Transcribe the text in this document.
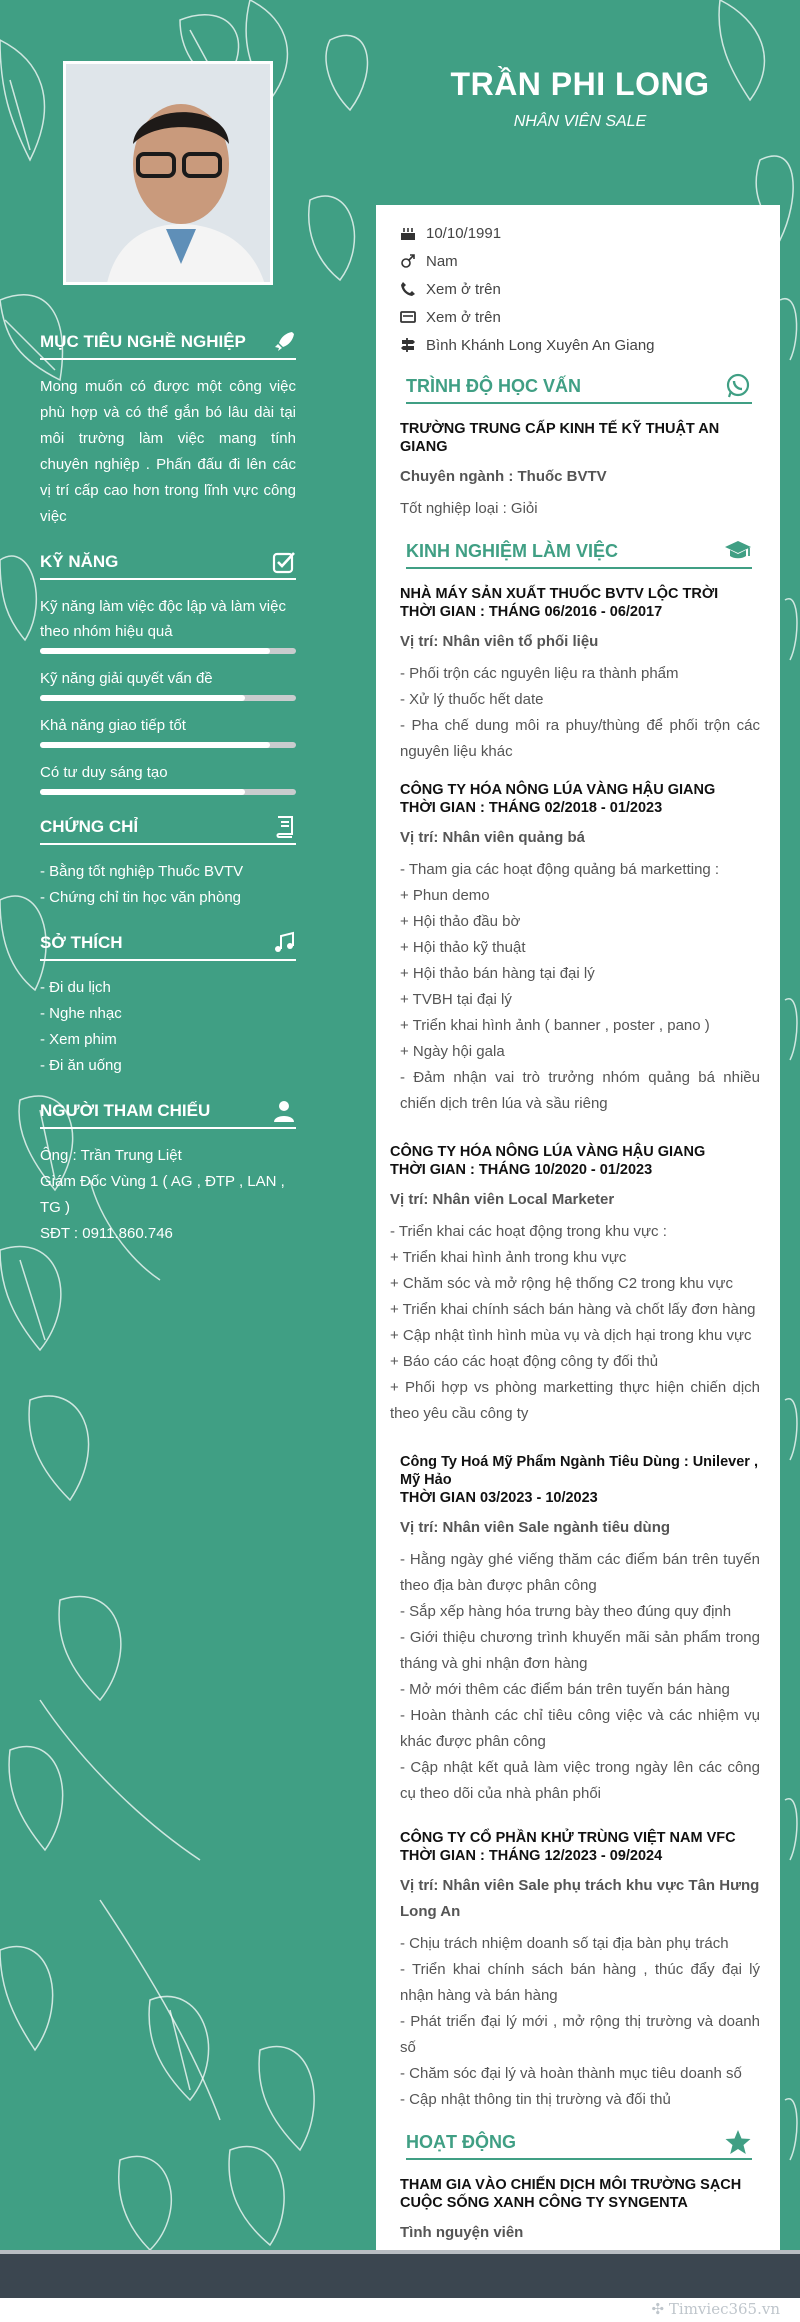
TRẦN PHI LONG
NHÂN VIÊN SALE
MỤC TIÊU NGHỀ NGHIỆP
Mong muốn có được một công việc phù hợp và có thể gắn bó lâu dài tại môi trường làm việc mang tính chuyên nghiệp . Phấn đấu đi lên các vị trí cấp cao hơn trong lĩnh vực công việc
KỸ NĂNG
Kỹ năng làm việc độc lập và làm việc theo nhóm hiệu quả
Kỹ năng giải quyết vấn đề
Khả năng giao tiếp tốt
Có tư duy sáng tạo
CHỨNG CHỈ
- Bằng tốt nghiệp Thuốc BVTV
- Chứng chỉ tin học văn phòng
SỞ THÍCH
- Đi du lịch
- Nghe nhạc
- Xem phim
- Đi ăn uống
NGƯỜI THAM CHIẾU
Ông : Trần Trung Liệt
Giám Đốc Vùng 1 ( AG , ĐTP , LAN , TG )
SĐT : 0911.860.746
10/10/1991
Nam
Xem ở trên
Xem ở trên
Bình Khánh Long Xuyên An Giang
TRÌNH ĐỘ HỌC VẤN
TRƯỜNG TRUNG CẤP KINH TẾ KỸ THUẬT AN GIANG
Chuyên ngành : Thuốc BVTV
Tốt nghiệp loại : Giỏi
KINH NGHIỆM LÀM VIỆC
NHÀ MÁY SẢN XUẤT THUỐC BVTV LỘC TRỜI
THỜI GIAN : THÁNG 06/2016 - 06/2017
Vị trí: Nhân viên tổ phối liệu
- Phối trộn các nguyên liệu ra thành phẩm
- Xử lý thuốc hết date
- Pha chế dung môi ra phuy/thùng để phối trộn các nguyên liệu khác
CÔNG TY HÓA NÔNG LÚA VÀNG HẬU GIANG
THỜI GIAN : THÁNG 02/2018 - 01/2023
Vị trí: Nhân viên quảng bá
- Tham gia các hoạt động quảng bá marketting :
+ Phun demo
+ Hội thảo đầu bờ
+ Hội thảo kỹ thuật
+ Hội thảo bán hàng tại đại lý
+ TVBH tại đại lý
+ Triển khai hình ảnh ( banner , poster , pano )
+ Ngày hội gala
- Đảm nhận vai trò trưởng nhóm quảng bá nhiều chiến dịch trên lúa và sầu riêng
CÔNG TY HÓA NÔNG LÚA VÀNG HẬU GIANG
THỜI GIAN : THÁNG 10/2020 - 01/2023
Vị trí: Nhân viên Local Marketer
- Triển khai các hoạt động trong khu vực :
+ Triển khai hình ảnh trong khu vực
+ Chăm sóc và mở rộng hệ thống C2 trong khu vực
+ Triển khai chính sách bán hàng và chốt lấy đơn hàng
+ Cập nhật tình hình mùa vụ và dịch hại trong khu vực
+ Báo cáo các hoạt động công ty đối thủ
+ Phối hợp vs phòng marketting thực hiện chiến dịch theo yêu cầu công ty
Công Ty Hoá Mỹ Phẩm Ngành Tiêu Dùng : Unilever , Mỹ Hảo
THỜI GIAN 03/2023 - 10/2023
Vị trí: Nhân viên Sale ngành tiêu dùng
- Hằng ngày ghé viếng thăm các điểm bán trên tuyến theo địa bàn được phân công
- Sắp xếp hàng hóa trưng bày theo đúng quy định
- Giới thiệu chương trình khuyến mãi sản phẩm trong tháng và ghi nhận đơn hàng
- Mở mới thêm các điểm bán trên tuyến bán hàng
- Hoàn thành các chỉ tiêu công việc và các nhiệm vụ khác được phân công
- Cập nhật kết quả làm việc trong ngày lên các công cụ theo dõi của nhà phân phối
CÔNG TY CỔ PHẦN KHỬ TRÙNG VIỆT NAM VFC
THỜI GIAN : THÁNG 12/2023 - 09/2024
Vị trí: Nhân viên Sale phụ trách khu vực Tân Hưng Long An
- Chịu trách nhiệm doanh số tại địa bàn phụ trách
- Triển khai chính sách bán hàng , thúc đẩy đại lý nhận hàng và bán hàng
- Phát triển đại lý mới , mở rộng thị trường và doanh số
- Chăm sóc đại lý và hoàn thành mục tiêu doanh số
- Cập nhật thông tin thị trường và đối thủ
HOẠT ĐỘNG
THAM GIA VÀO CHIẾN DỊCH MÔI TRƯỜNG SẠCH CUỘC SỐNG XANH CÔNG TY SYNGENTA
Tình nguyện viên
✣ Timviec365.vn
